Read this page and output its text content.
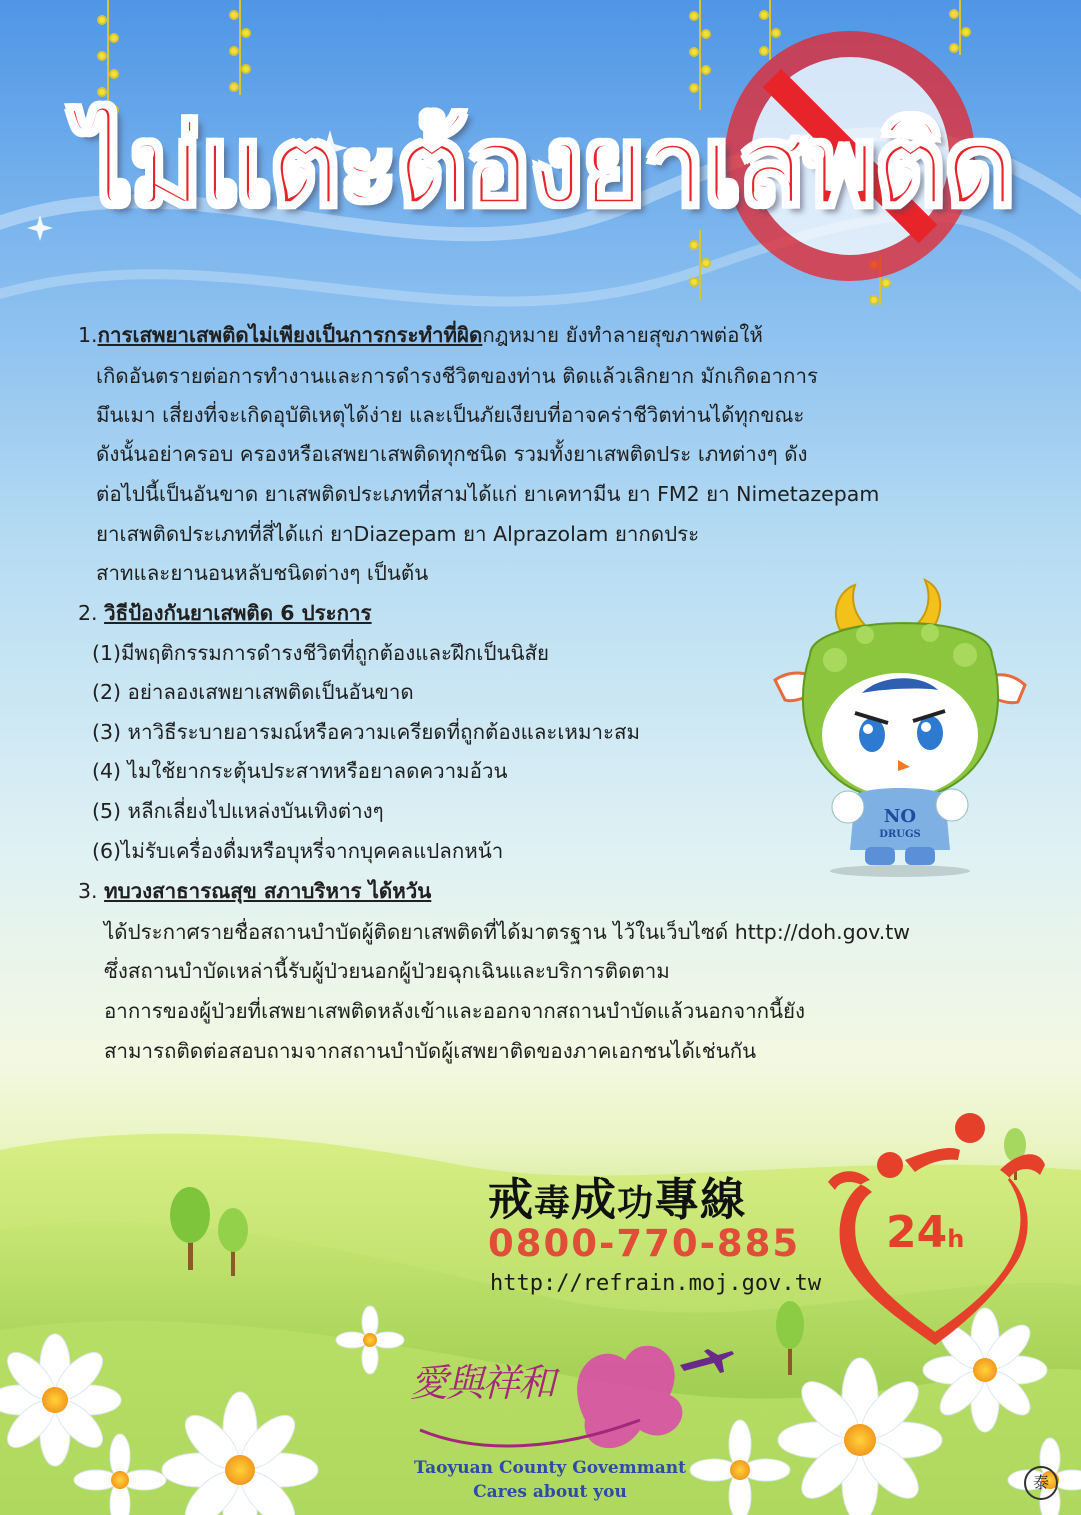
ไม่แตะต้องยาเสพติด
NO
DRUGS
1.การเสพยาเสพติดไม่เพียงเป็นการกระทำที่ผิดกฎหมาย ยังทำลายสุขภาพต่อให้
เกิดอันตรายต่อการทำงานและการดำรงชีวิตของท่าน ติดแล้วเลิกยาก มักเกิดอาการ
มึนเมา เสี่ยงที่จะเกิดอุบัติเหตุได้ง่าย และเป็นภัยเงียบที่อาจคร่าชีวิตท่านได้ทุกขณะ
ดังนั้นอย่าครอบ ครองหรือเสพยาเสพติดทุกชนิด รวมทั้งยาเสพติดประ เภทต่างๆ ดัง
ต่อไปนี้เป็นอันขาด ยาเสพติดประเภทที่สามได้แก่ ยาเคทามีน ยา FM2 ยา Nimetazepam
ยาเสพติดประเภทที่สี่ได้แก่ ยาDiazepam ยา Alprazolam ยากดประ
สาทและยานอนหลับชนิดต่างๆ เป็นต้น
2. วิธีป้องกันยาเสพติด 6 ประการ
(1)มีพฤติกรรมการดำรงชีวิตที่ถูกต้องและฝึกเป็นนิสัย
(2) อย่าลองเสพยาเสพติดเป็นอันขาด
(3) หาวิธีระบายอารมณ์หรือความเครียดที่ถูกต้องและเหมาะสม
(4) ไมใช้ยากระตุ้นประสาทหรือยาลดความอ้วน
(5) หลีกเลี่ยงไปแหล่งบันเทิงต่างๆ
(6)ไม่รับเครื่องดื่มหรือบุหรี่จากบุคคลแปลกหน้า
3. ทบวงสาธารณสุข สภาบริหาร ได้หวัน
ได้ประกาศรายชื่อสถานบำบัดผู้ติดยาเสพติดที่ได้มาตรฐาน ไว้ในเว็บไซด์ http://doh.gov.tw
ซึ่งสถานบำบัดเหล่านี้รับผู้ป่วยนอกผู้ป่วยฉุกเฉินและบริการติดตาม
อาการของผู้ป่วยที่เสพยาเสพติดหลังเข้าและออกจากสถานบำบัดแล้วนอกจากนี้ยัง
สามารถติดต่อสอบถามจากสถานบำบัดผู้เสพยาติดของภาคเอกชนได้เช่นกัน
戒毒成功專線
0800-770-885
http://refrain.moj.gov.tw
24h
愛與祥和
Taoyuan County Govemmant
Cares about you	泰
